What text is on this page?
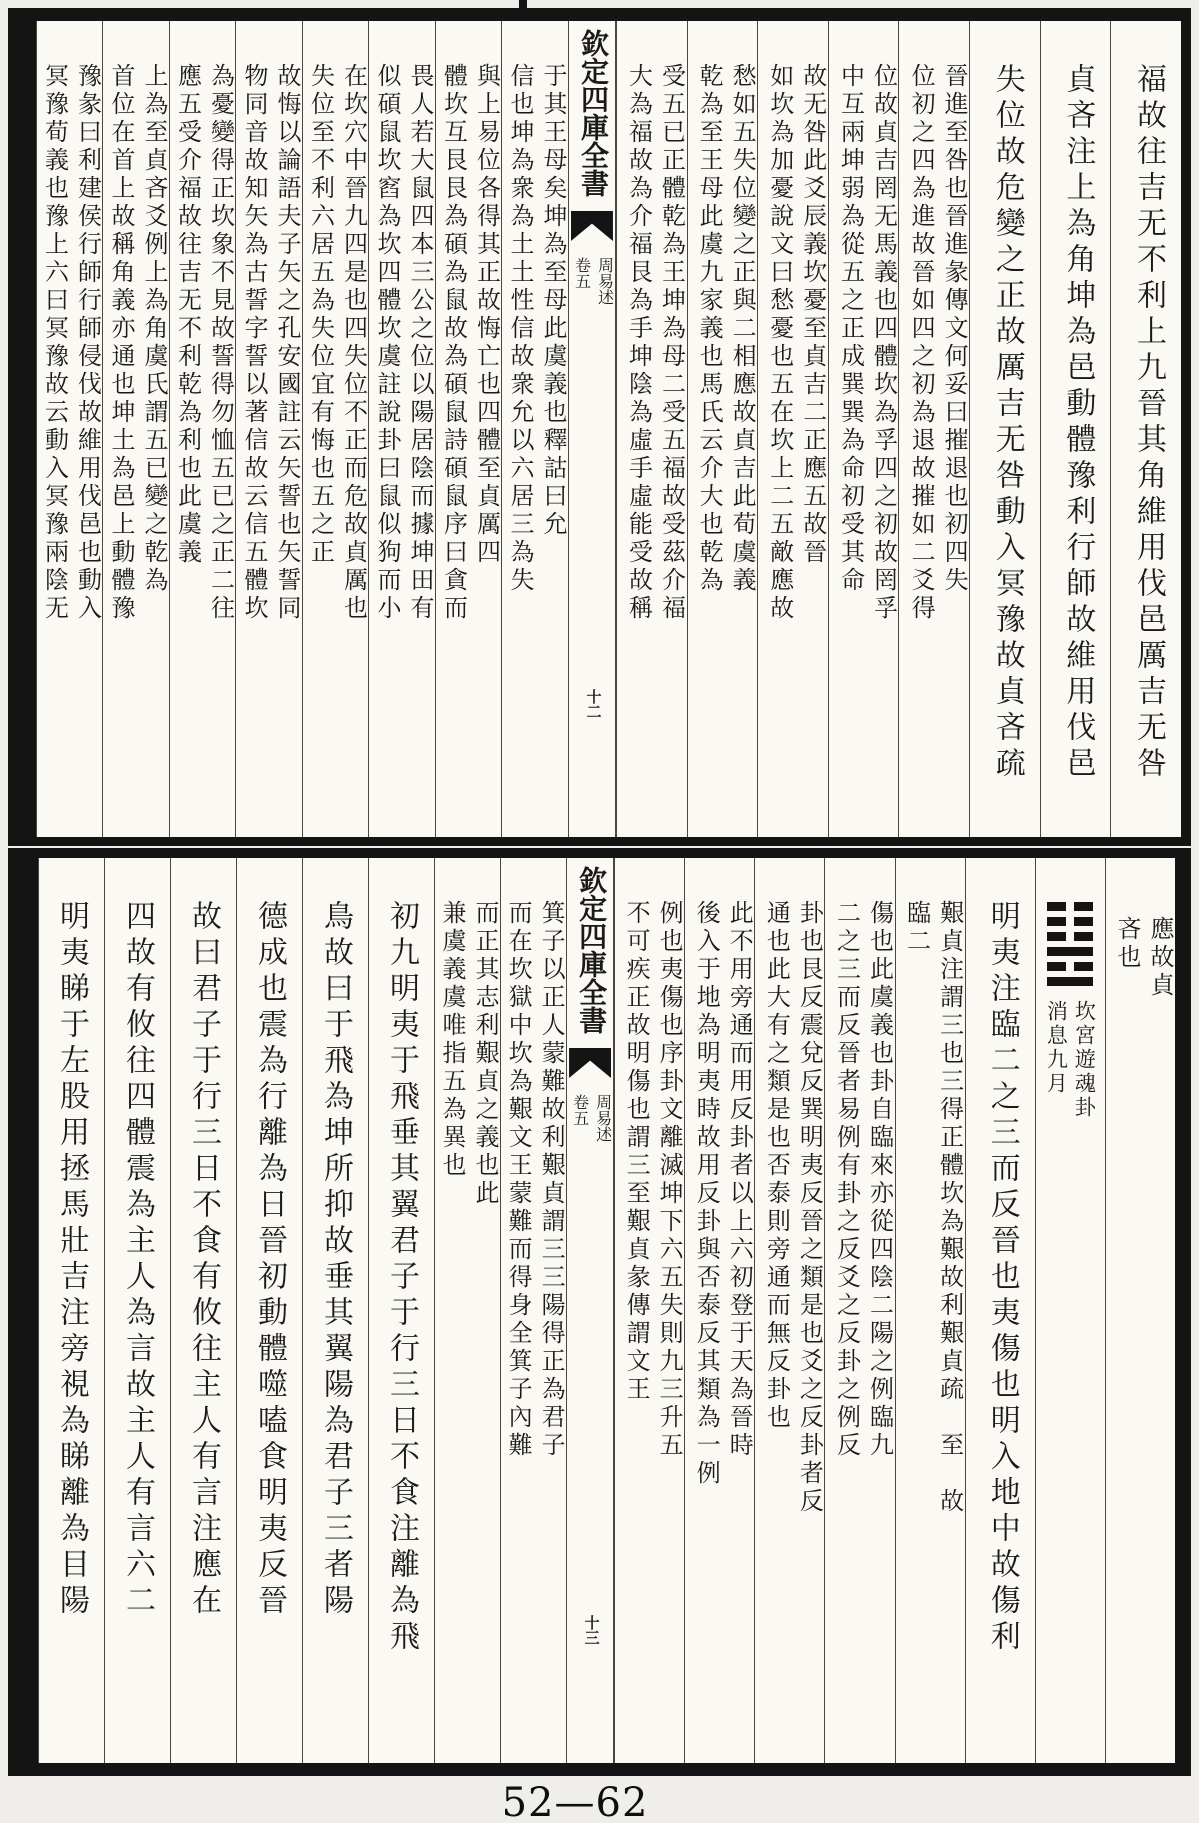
福故往吉无不利上九晉其角維用伐邑厲吉无咎
貞吝注上為角坤為邑動體豫利行師故維用伐邑
失位故危變之正故厲吉无咎動入冥豫故貞吝疏
晉進至咎也晉進彖傳文何妥曰摧退也初四失
位初之四為進故晉如四之初為退故摧如二爻得
位故貞吉罔无馬義也四體坎為孚四之初故罔孚
中互兩坤弱為從五之正成巽巽為命初受其命
故无咎此爻辰義坎憂至貞吉二正應五故晉
如坎為加憂說文曰愁憂也五在坎上二五敵應故
愁如五失位變之正與二相應故貞吉此荀虞義
乾為至王母此虞九家義也馬氏云介大也乾為
受五已正體乾為王坤為母二受五福故受茲介福
大為福故為介福艮為手坤陰為虛手虛能受故稱
欽定四庫全書
周易述
卷五
十二
于其王母矣坤為至母此虞義也釋詁曰允
信也坤為衆為土土性信故衆允以六居三為失
與上易位各得其正故悔亡也四體至貞厲四
體坎互艮艮為碩為鼠故為碩鼠詩碩鼠序曰貪而
畏人若大鼠四本三公之位以陽居陰而據坤田有
似碩鼠坎窞為坎四體坎虞註說卦曰鼠似狗而小
在坎穴中晉九四是也四失位不正而危故貞厲也
失位至不利六居五為失位宜有悔也五之正
故悔以論語夫子矢之孔安國註云矢誓也矢誓同
物同音故知矢為古誓字誓以著信故云信五體坎
為憂變得正坎象不見故誓得勿恤五已之正二往
應五受介福故往吉无不利乾為利也此虞義
上為至貞吝爻例上為角虞氏謂五已變之乾為
首位在首上故稱角義亦通也坤土為邑上動體豫
豫彖曰利建侯行師行師侵伐故維用伐邑也動入
冥豫荀義也豫上六曰冥豫故云動入冥豫兩陰无
應故貞
吝也
坎宮遊魂卦
消息九月
明夷注臨二之三而反晉也夷傷也明入地中故傷利
艱貞注謂三也三得正體坎為艱故利艱貞疏　至　故
臨二
傷也此虞義也卦自臨來亦從四陰二陽之例臨九
二之三而反晉者易例有卦之反爻之反卦之例反
卦也艮反震兌反巽明夷反晉之類是也爻之反卦者反
通也此大有之類是也否泰則旁通而無反卦也
此不用旁通而用反卦者以上六初登于天為晉時
後入于地為明夷時故用反卦與否泰反其類為一例
例也夷傷也序卦文離滅坤下六五失則九三升五
不可疾正故明傷也謂三至艱貞彖傳謂文王
欽定四庫全書
周易述
卷五
十三
箕子以正人蒙難故利艱貞謂三三陽得正為君子
而在坎獄中坎為艱文王蒙難而得身全箕子內難
而正其志利艱貞之義也此
兼虞義虞唯指五為異也
初九明夷于飛垂其翼君子于行三日不食注離為飛
鳥故曰于飛為坤所抑故垂其翼陽為君子三者陽
德成也震為行離為日晉初動體噬嗑食明夷反晉
故曰君子于行三日不食有攸往主人有言注應在
四故有攸往四體震為主人為言故主人有言六二
明夷睇于左股用拯馬壯吉注旁視為睇離為目陽
52—62
